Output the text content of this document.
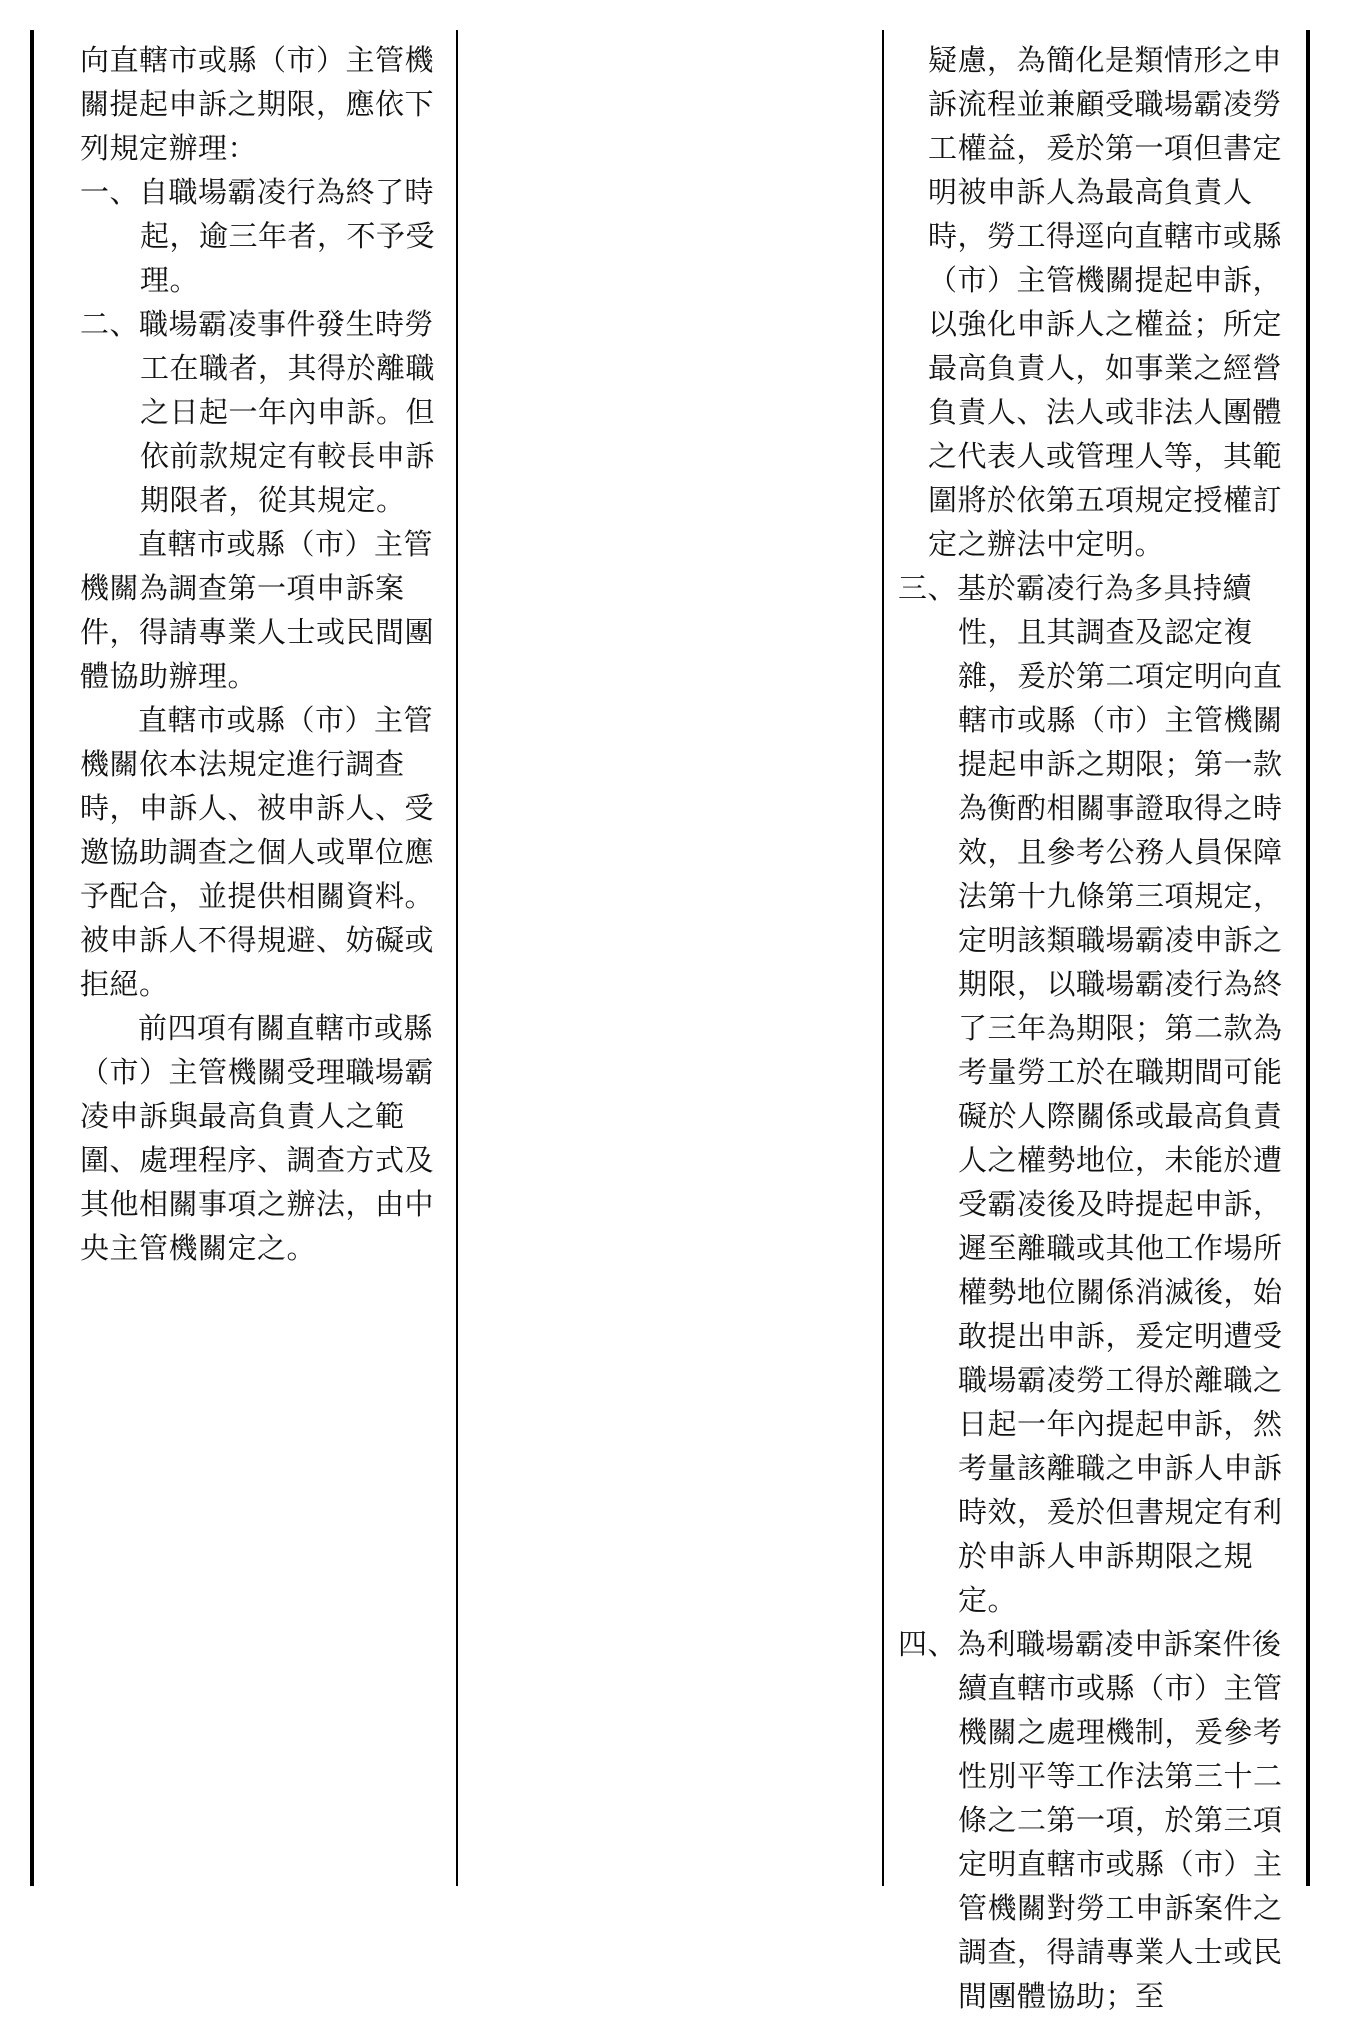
向直轄市或縣（市）主管機關提起申訴之期限，應依下列規定辦理：

一、自職場霸凌行為終了時起，逾三年者，不予受理。

二、職場霸凌事件發生時勞工在職者，其得於離職之日起一年內申訴。但依前款規定有較長申訴期限者，從其規定。

直轄市或縣（市）主管機關為調查第一項申訴案件，得請專業人士或民間團體協助辦理。

直轄市或縣（市）主管機關依本法規定進行調查時，申訴人、被申訴人、受邀協助調查之個人或單位應予配合，並提供相關資料。被申訴人不得規避、妨礙或拒絕。

前四項有關直轄市或縣（市）主管機關受理職場霸凌申訴與最高負責人之範圍、處理程序、調查方式及其他相關事項之辦法，由中央主管機關定之。

疑慮，為簡化是類情形之申訴流程並兼顧受職場霸凌勞工權益，爰於第一項但書定明被申訴人為最高負責人時，勞工得逕向直轄市或縣（市）主管機關提起申訴，以強化申訴人之權益；所定最高負責人，如事業之經營負責人、法人或非法人團體之代表人或管理人等，其範圍將於依第五項規定授權訂定之辦法中定明。

三、基於霸凌行為多具持續性，且其調查及認定複雜，爰於第二項定明向直轄市或縣（市）主管機關提起申訴之期限；第一款為衡酌相關事證取得之時效，且參考公務人員保障法第十九條第三項規定，定明該類職場霸凌申訴之期限，以職場霸凌行為終了三年為期限；第二款為考量勞工於在職期間可能礙於人際關係或最高負責人之權勢地位，未能於遭受霸凌後及時提起申訴，遲至離職或其他工作場所權勢地位關係消滅後，始敢提出申訴，爰定明遭受職場霸凌勞工得於離職之日起一年內提起申訴，然考量該離職之申訴人申訴時效，爰於但書規定有利於申訴人申訴期限之規定。

四、為利職場霸凌申訴案件後續直轄市或縣（市）主管機關之處理機制，爰參考性別平等工作法第三十二條之二第一項，於第三項定明直轄市或縣（市）主管機關對勞工申訴案件之調查，得請專業人士或民間團體協助；至
